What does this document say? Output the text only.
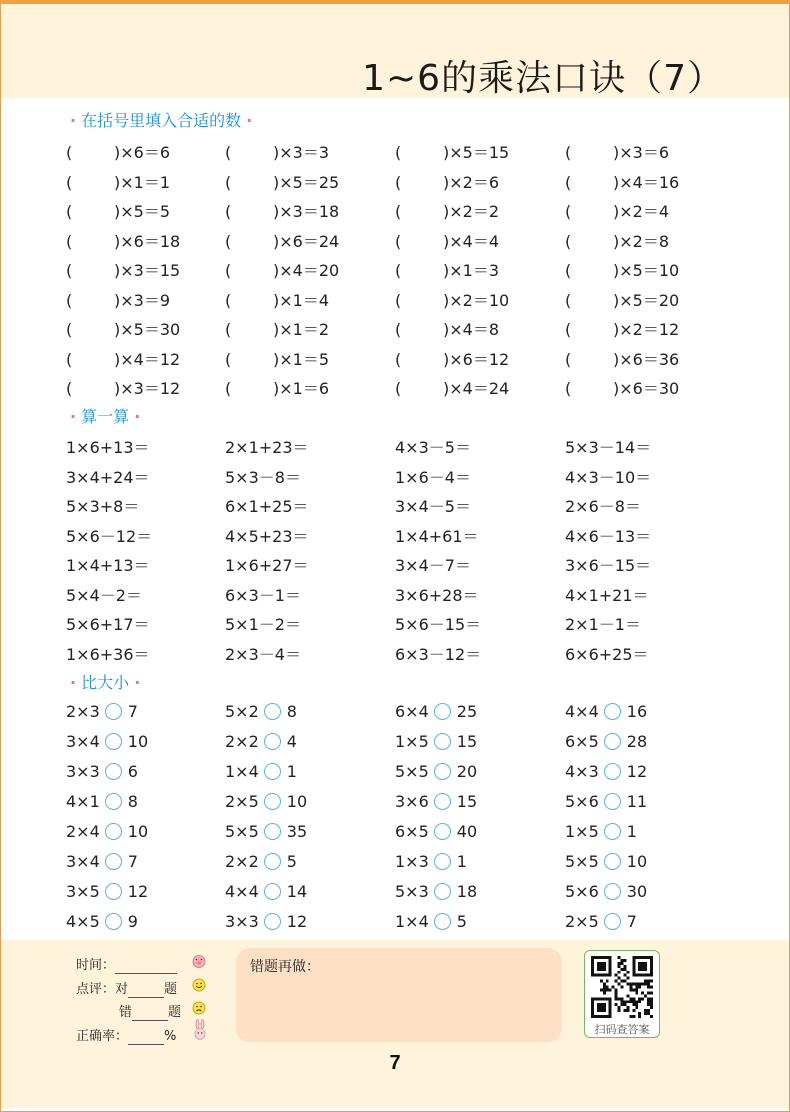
1~6的乘法口诀（7）
· 在括号里填入合适的数 ·
(	)×6＝6	(	)×3＝3	(	)×5＝15	(	)×3＝6
(	)×1＝1	(	)×5＝25	(	)×2＝6	(	)×4＝16
(	)×5＝5	(	)×3＝18	(	)×2＝2	(	)×2＝4
(	)×6＝18	(	)×6＝24	(	)×4＝4	(	)×2＝8
(	)×3＝15	(	)×4＝20	(	)×1＝3	(	)×5＝10
(	)×3＝9	(	)×1＝4	(	)×2＝10	(	)×5＝20
(	)×5＝30	(	)×1＝2	(	)×4＝8	(	)×2＝12
(	)×4＝12	(	)×1＝5	(	)×6＝12	(	)×6＝36
(	)×3＝12	(	)×1＝6	(	)×4＝24	(	)×6＝30
· 算一算 ·
1×6+13＝	2×1+23＝	4×3－5＝	5×3－14＝
3×4+24＝	5×3－8＝	1×6－4＝	4×3－10＝
5×3+8＝	6×1+25＝	3×4－5＝	2×6－8＝
5×6－12＝	4×5+23＝	1×4+61＝	4×6－13＝
1×4+13＝	1×6+27＝	3×4－7＝	3×6－15＝
5×4－2＝	6×3－1＝	3×6+28＝	4×1+21＝
5×6+17＝	5×1－2＝	5×6－15＝	2×1－1＝
1×6+36＝	2×3－4＝	6×3－12＝	6×6+25＝
· 比大小 ·
2×3 7	5×2 8	6×4 25	4×4 16
3×4 10	2×2 4	1×5 15	6×5 28
3×3 6	1×4 1	5×5 20	4×3 12
4×1 8	2×5 10	3×6 15	5×6 11
2×4 10	5×5 35	6×5 40	1×5 1
3×4 7	2×2 5	1×3 1	5×5 10
3×5 12	4×4 14	5×3 18	5×6 30
4×5 9	3×3 12	1×4 5	2×5 7
时间：
点评：对	题
错	题
正确率：	%
错题再做：
扫码查答案
7
